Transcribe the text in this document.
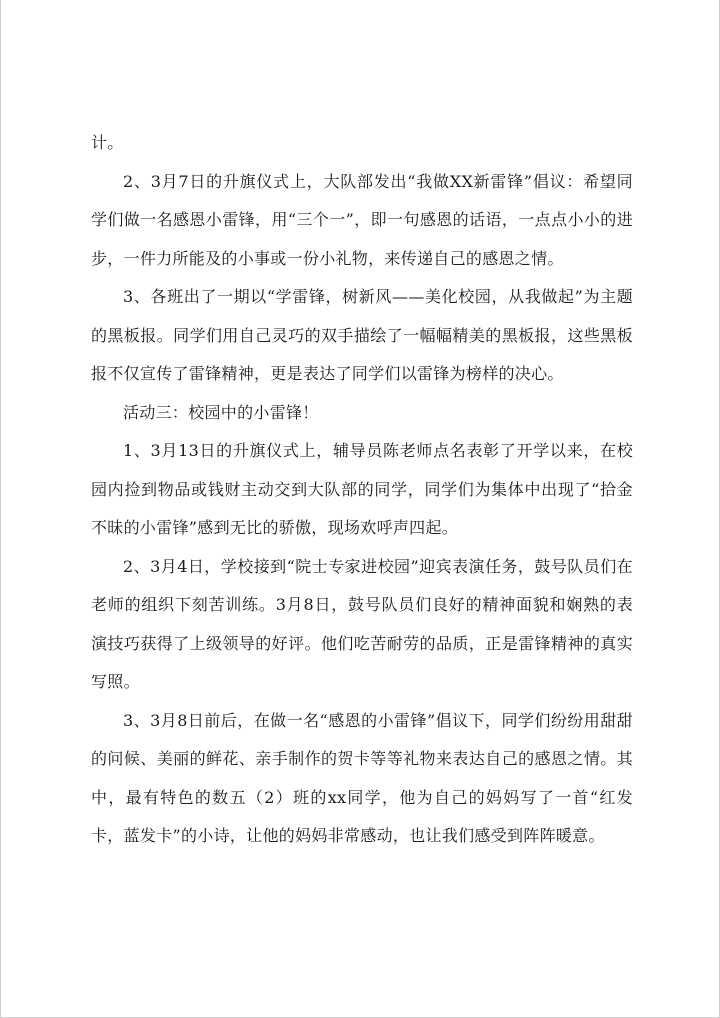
计。

2、3月7日的升旗仪式上，大队部发出“我做XX新雷锋”倡议：希望同学们做一名感恩小雷锋，用“三个一”，即一句感恩的话语，一点点小小的进步，一件力所能及的小事或一份小礼物，来传递自己的感恩之情。

3、各班出了一期以“学雷锋，树新风——美化校园，从我做起”为主题的黑板报。同学们用自己灵巧的双手描绘了一幅幅精美的黑板报，这些黑板报不仅宣传了雷锋精神，更是表达了同学们以雷锋为榜样的决心。

活动三：校园中的小雷锋！

1、3月13日的升旗仪式上，辅导员陈老师点名表彰了开学以来，在校园内捡到物品或钱财主动交到大队部的同学，同学们为集体中出现了“拾金不昧的小雷锋”感到无比的骄傲，现场欢呼声四起。

2、3月4日，学校接到“院士专家进校园”迎宾表演任务，鼓号队员们在老师的组织下刻苦训练。3月8日，鼓号队员们良好的精神面貌和娴熟的表演技巧获得了上级领导的好评。他们吃苦耐劳的品质，正是雷锋精神的真实写照。

3、3月8日前后，在做一名“感恩的小雷锋”倡议下，同学们纷纷用甜甜的问候、美丽的鲜花、亲手制作的贺卡等等礼物来表达自己的感恩之情。其中，最有特色的数五（2）班的xx同学，他为自己的妈妈写了一首“红发卡，蓝发卡”的小诗，让他的妈妈非常感动，也让我们感受到阵阵暖意。
